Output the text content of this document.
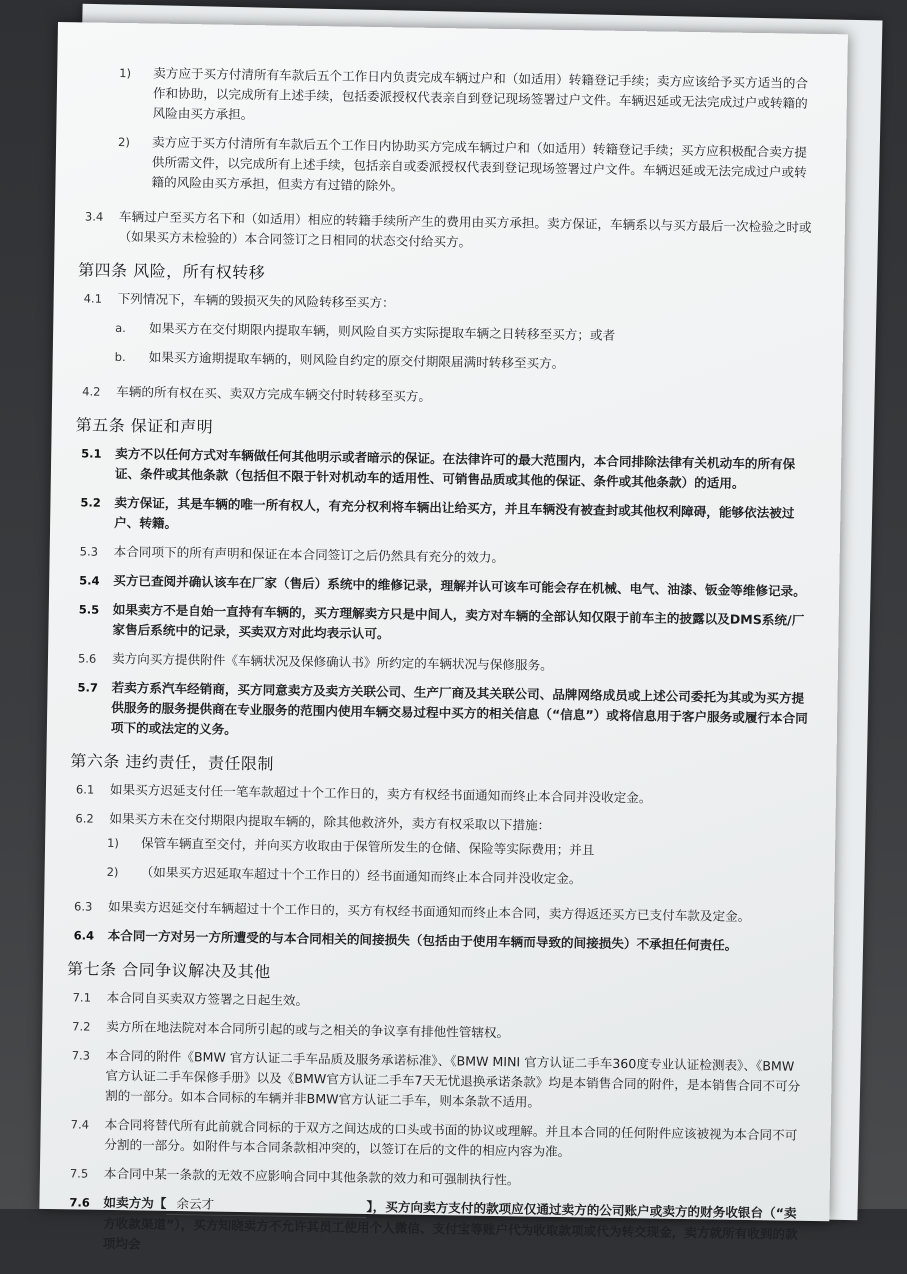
1) 卖方应于买方付清所有车款后五个工作日内负责完成车辆过户和（如适用）转籍登记手续；卖方应该给予买方适当的合作和协助，以完成所有上述手续，包括委派授权代表亲自到登记现场签署过户文件。车辆迟延或无法完成过户或转籍的风险由买方承担。
2) 卖方应于买方付清所有车款后五个工作日内协助买方完成车辆过户和（如适用）转籍登记手续；买方应积极配合卖方提供所需文件，以完成所有上述手续，包括亲自或委派授权代表到登记现场签署过户文件。车辆迟延或无法完成过户或转籍的风险由买方承担，但卖方有过错的除外。
3.4 车辆过户至买方名下和（如适用）相应的转籍手续所产生的费用由买方承担。卖方保证，车辆系以与买方最后一次检验之时或（如果买方未检验的）本合同签订之日相同的状态交付给买方。
第四条 风险，所有权转移
4.1 下列情况下，车辆的毁损灭失的风险转移至买方：
a. 如果买方在交付期限内提取车辆，则风险自买方实际提取车辆之日转移至买方；或者
b. 如果买方逾期提取车辆的，则风险自约定的原交付期限届满时转移至买方。
4.2 车辆的所有权在买、卖双方完成车辆交付时转移至买方。
第五条 保证和声明
5.1 卖方不以任何方式对车辆做任何其他明示或者暗示的保证。在法律许可的最大范围内，本合同排除法律有关机动车的所有保证、条件或其他条款（包括但不限于针对机动车的适用性、可销售品质或其他的保证、条件或其他条款）的适用。
5.2 卖方保证，其是车辆的唯一所有权人，有充分权利将车辆出让给买方，并且车辆没有被查封或其他权利障碍，能够依法被过户、转籍。
5.3 本合同项下的所有声明和保证在本合同签订之后仍然具有充分的效力。
5.4 买方已查阅并确认该车在厂家（售后）系统中的维修记录，理解并认可该车可能会存在机械、电气、油漆、钣金等维修记录。
5.5 如果卖方不是自始一直持有车辆的，买方理解卖方只是中间人，卖方对车辆的全部认知仅限于前车主的披露以及DMS系统/厂家售后系统中的记录，买卖双方对此均表示认可。
5.6 卖方向买方提供附件《车辆状况及保修确认书》所约定的车辆状况与保修服务。
5.7 若卖方系汽车经销商，买方同意卖方及卖方关联公司、生产厂商及其关联公司、品牌网络成员或上述公司委托为其或为买方提供服务的服务提供商在专业服务的范围内使用车辆交易过程中买方的相关信息（“信息”）或将信息用于客户服务或履行本合同项下的或法定的义务。
第六条 违约责任，责任限制
6.1 如果买方迟延支付任一笔车款超过十个工作日的，卖方有权经书面通知而终止本合同并没收定金。
6.2 如果买方未在交付期限内提取车辆的，除其他救济外，卖方有权采取以下措施：
1) 保管车辆直至交付，并向买方收取由于保管所发生的仓储、保险等实际费用；并且
2) （如果买方迟延取车超过十个工作日的）经书面通知而终止本合同并没收定金。
6.3 如果卖方迟延交付车辆超过十个工作日的，买方有权经书面通知而终止本合同，卖方得返还买方已支付车款及定金。
6.4 本合同一方对另一方所遭受的与本合同相关的间接损失（包括由于使用车辆而导致的间接损失）不承担任何责任。
第七条 合同争议解决及其他
7.1 本合同自买卖双方签署之日起生效。
7.2 卖方所在地法院对本合同所引起的或与之相关的争议享有排他性管辖权。
7.3 本合同的附件《BMW 官方认证二手车品质及服务承诺标准》、《BMW MINI 官方认证二手车360度专业认证检测表》、《BMW官方认证二手车保修手册》以及《BMW官方认证二手车7天无忧退换承诺条款》均是本销售合同的附件，是本销售合同不可分割的一部分。如本合同标的车辆并非BMW官方认证二手车，则本条款不适用。
7.4 本合同将替代所有此前就合同标的于双方之间达成的口头或书面的协议或理解。并且本合同的任何附件应该被视为本合同不可分割的一部分。如附件与本合同条款相冲突的，以签订在后的文件的相应内容为准。
7.5 本合同中某一条款的无效不应影响合同中其他条款的效力和可强制执行性。
7.6 如卖方为【 余云才	】，买方向卖方支付的款项应仅通过卖方的公司账户或卖方的财务收银台（“卖方收款渠道”），买方知晓卖方不允许其员工使用个人微信、支付宝等账户代为收取款项或代为转交现金，卖方就所有收到的款项均会
